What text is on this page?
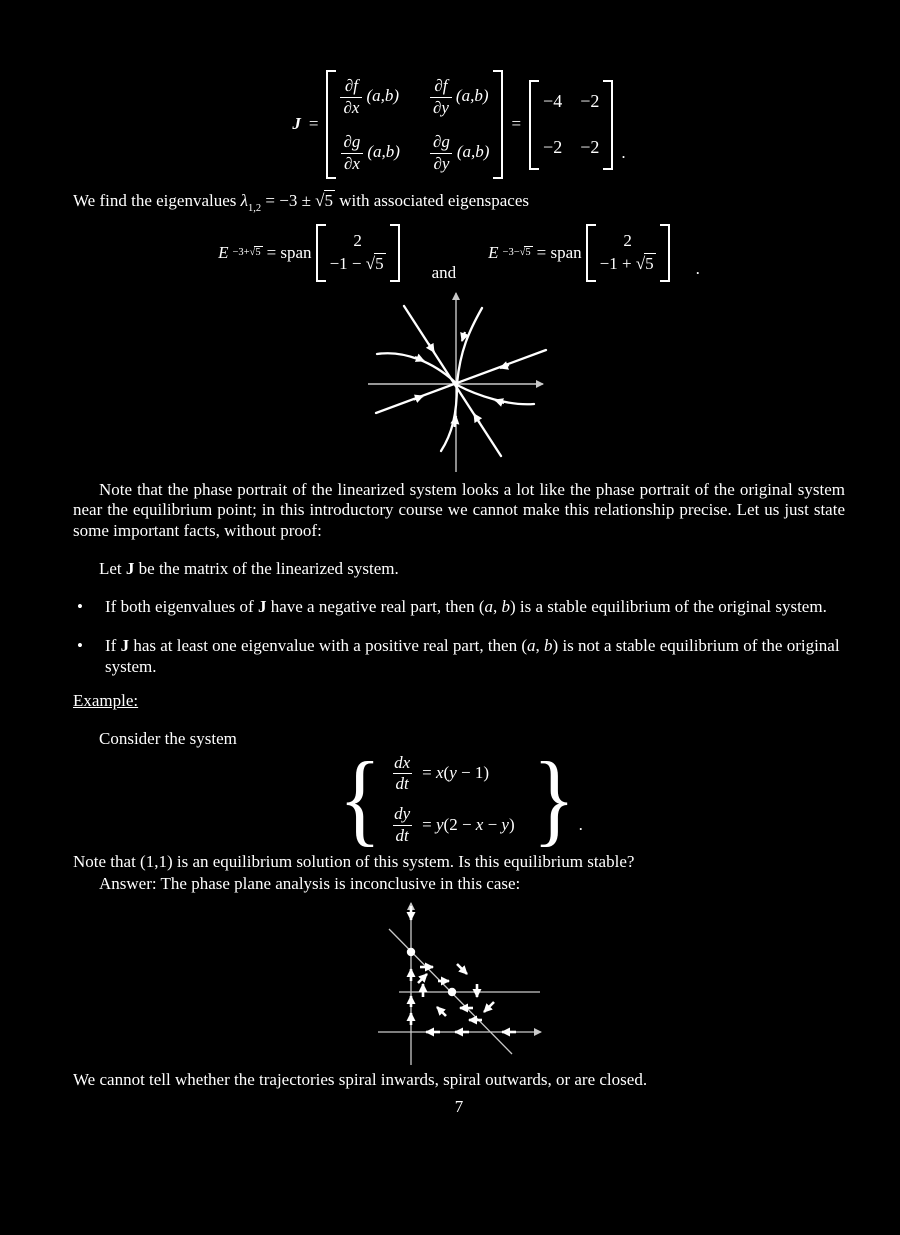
J =
$\frac{\partial f}{\partial x} (a,b) \frac{\partial f}{\partial y} (a,b)$
$\frac{\partial g}{\partial x} (a,b) \frac{\partial g}{\partial y} (a,b)$
=
−4 −2
−2 −2 .
We find the eigenvalues $\lambda_{1,2} = -3 \pm √5$ with associated eigenspaces
E −3+√5 = span
2
−1 − √5	and
E −3−√5 = span
2
−1 + √5 .

Note that the phase portrait of the linearized system looks a lot like the phase portrait of the original system near the equilibrium point; in this introductory course we cannot make this relationship precise. Let us just state some important facts, without proof:

Let J be the matrix of the linearized system.

•	If both eigenvalues of J have a negative real part, then (a, b) is a stable equilibrium of the original system.
•	If J has at least one eigenvalue with a positive real part, then (a, b) is not a stable equilibrium of the original system.

Example:

Consider the system

{ $\frac{dx}{dt} = x(y - 1)$
$\frac{dy}{dt} = y(2 - x - y)$ } .

Note that (1,1) is an equilibrium solution of this system. Is this equilibrium stable?

Answer: The phase plane analysis is inconclusive in this case:

We cannot tell whether the trajectories spiral inwards, spiral outwards, or are closed.

7
